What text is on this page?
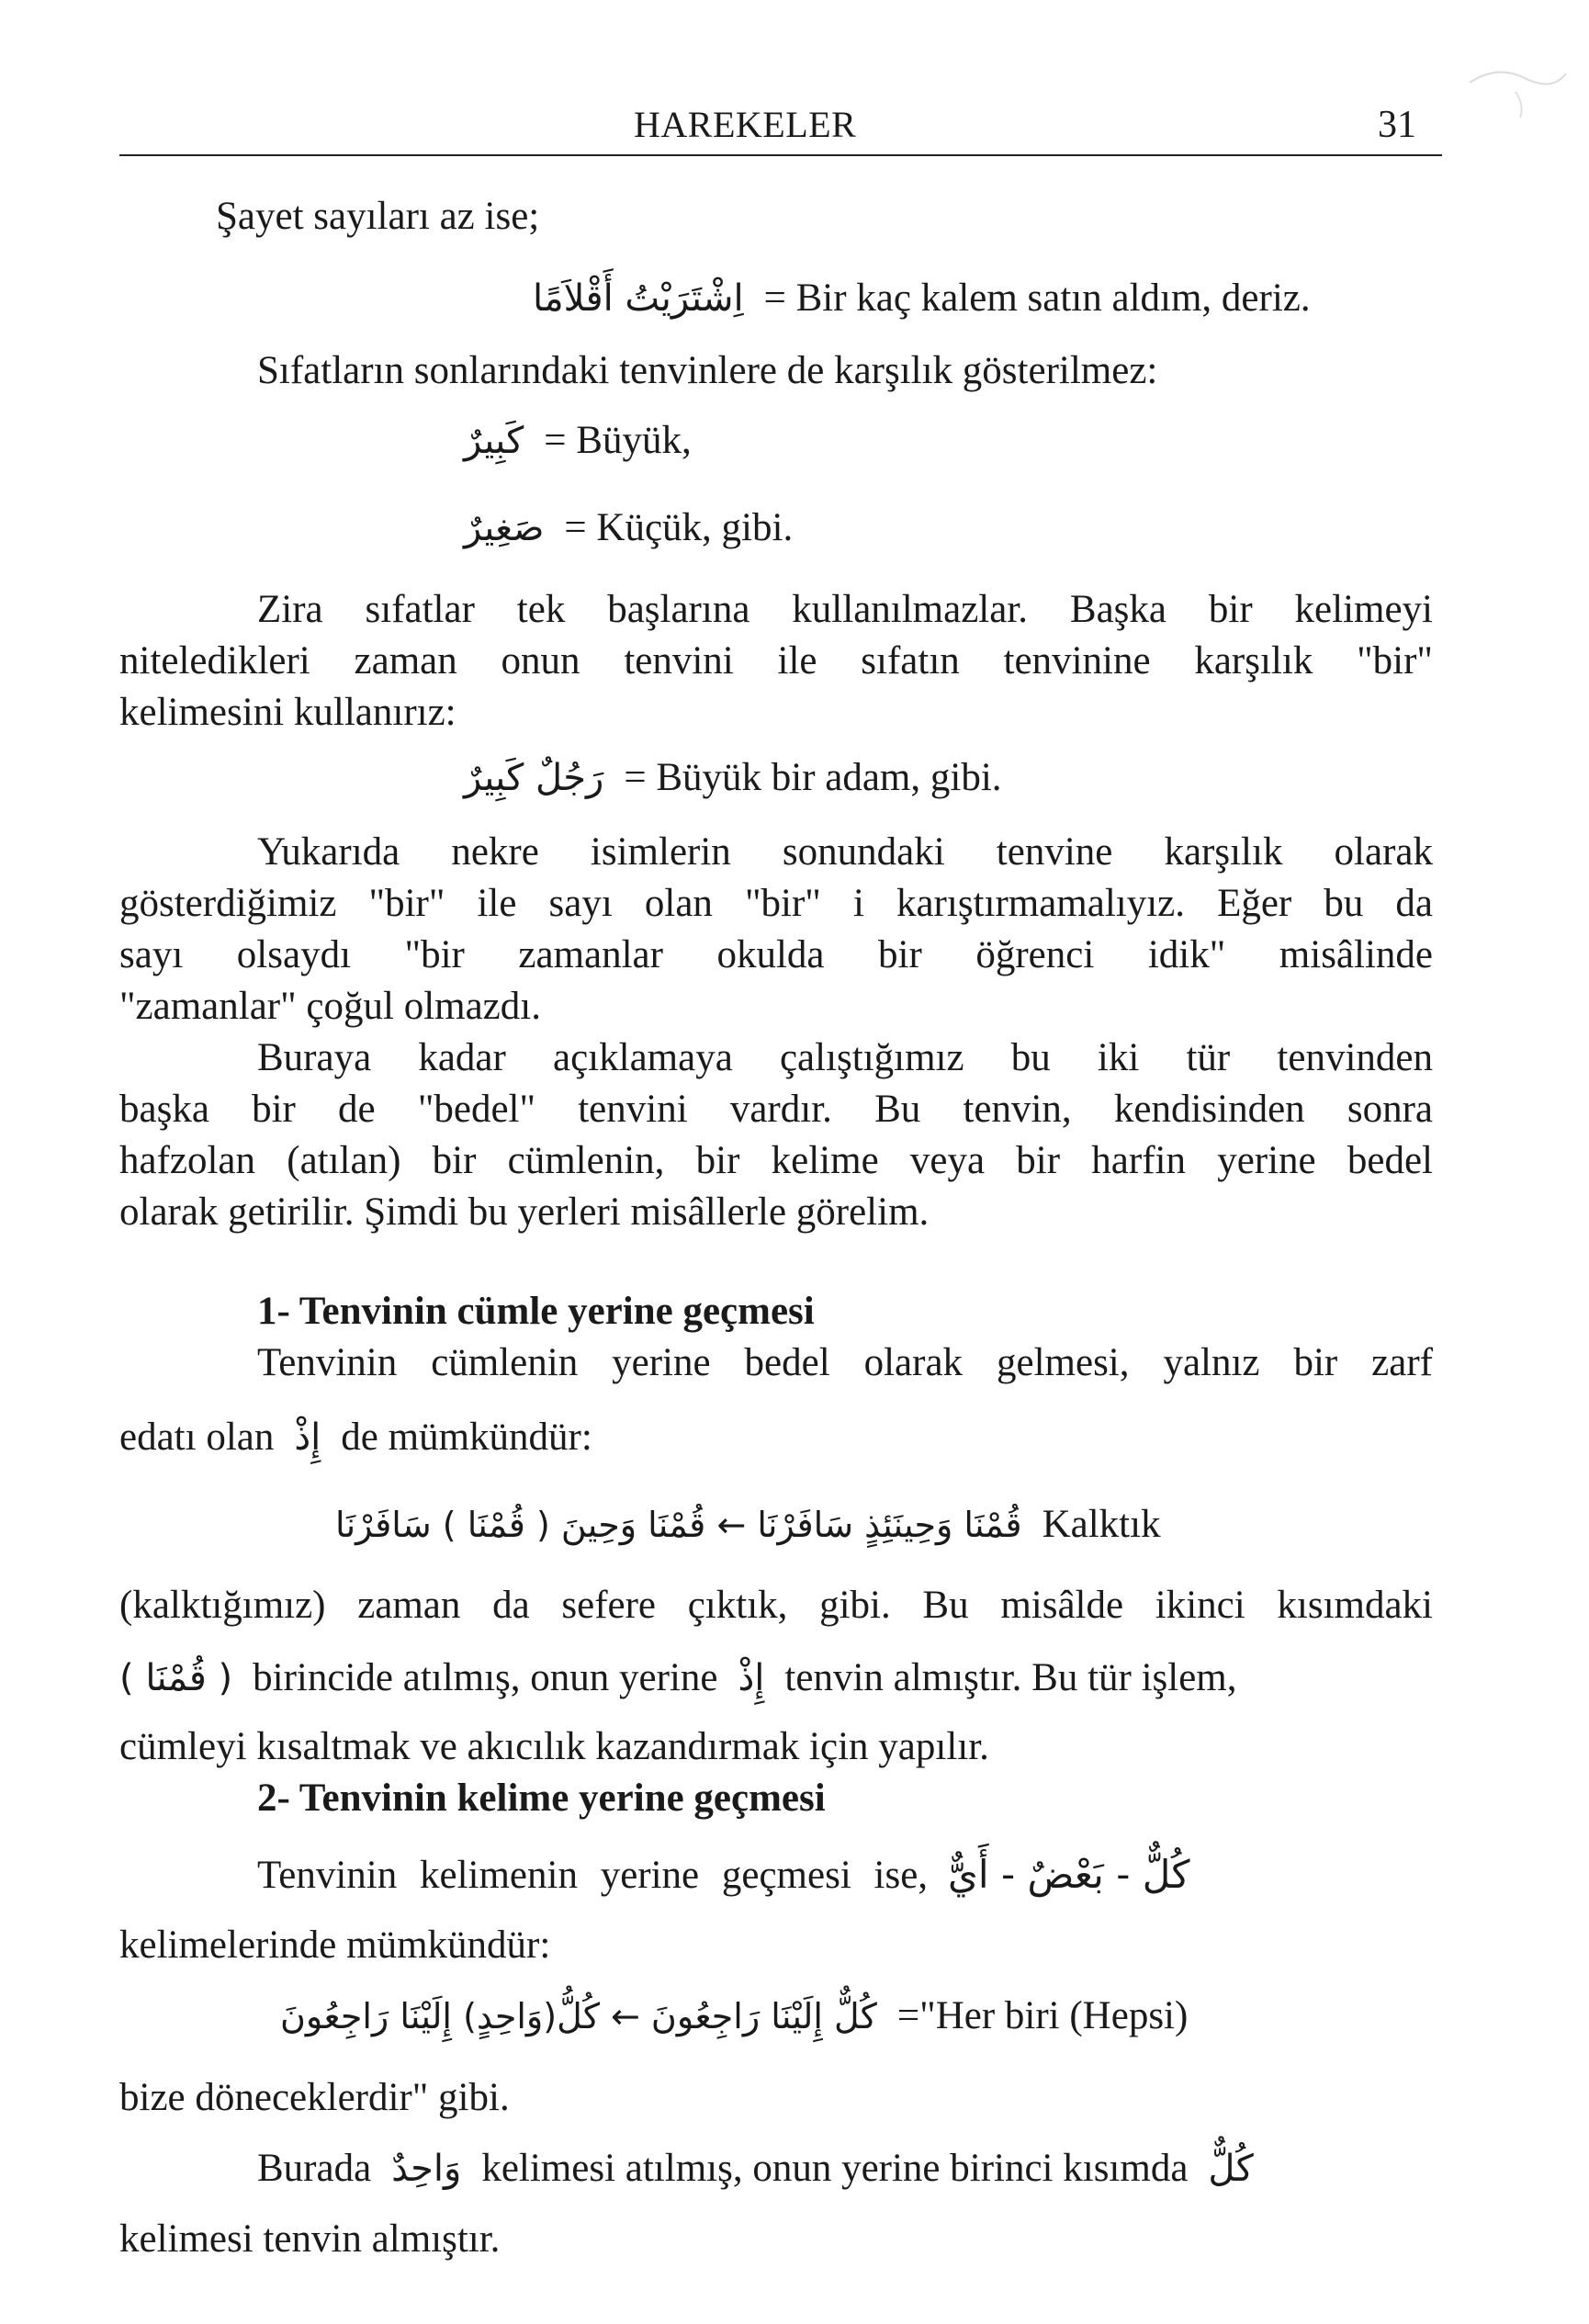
HAREKELER	31
Şayet sayıları az ise;
اِشْتَرَيْتُ أَقْلاَمًا = Bir kaç kalem satın aldım, deriz.
Sıfatların sonlarındaki tenvinlere de karşılık gösterilmez:
كَبِيرٌ = Büyük,
صَغِيرٌ = Küçük, gibi.
Zira sıfatlar tek başlarına kullanılmazlar. Başka bir kelimeyi
niteledikleri zaman onun tenvini ile sıfatın tenvinine karşılık "bir"
kelimesini kullanırız:
رَجُلٌ كَبِيرٌ = Büyük bir adam, gibi.
Yukarıda nekre isimlerin sonundaki tenvine karşılık olarak
gösterdiğimiz "bir" ile sayı olan "bir" i karıştırmamalıyız. Eğer bu da
sayı olsaydı "bir zamanlar okulda bir öğrenci idik" misâlinde
"zamanlar" çoğul olmazdı.
Buraya kadar açıklamaya çalıştığımız bu iki tür tenvinden
başka bir de "bedel" tenvini vardır. Bu tenvin, kendisinden sonra
hafzolan (atılan) bir cümlenin, bir kelime veya bir harfin yerine bedel
olarak getirilir. Şimdi bu yerleri misâllerle görelim.
1- Tenvinin cümle yerine geçmesi
Tenvinin cümlenin yerine bedel olarak gelmesi, yalnız bir zarf
edatı olan إِذْ de mümkündür:
قُمْنَا وَحِينَئِذٍ سَافَرْنَا ← قُمْنَا وَحِينَ ( قُمْنَا ) سَافَرْنَا Kalktık
(kalktığımız) zaman da sefere çıktık, gibi. Bu misâlde ikinci kısımdaki
( قُمْنَا ) birincide atılmış, onun yerine إِذْ tenvin almıştır. Bu tür işlem,
cümleyi kısaltmak ve akıcılık kazandırmak için yapılır.
2- Tenvinin kelime yerine geçmesi
Tenvinin kelimenin yerine geçmesi ise, كُلٌّ - بَعْضٌ - أَيٌّ
kelimelerinde mümkündür:
كُلٌّ إِلَيْنَا رَاجِعُونَ ← كُلُّ(وَاحِدٍ) إِلَيْنَا رَاجِعُونَ ="Her biri (Hepsi)
bize döneceklerdir" gibi.
Burada وَاحِدٌ kelimesi atılmış, onun yerine birinci kısımda كُلٌّ
kelimesi tenvin almıştır.
